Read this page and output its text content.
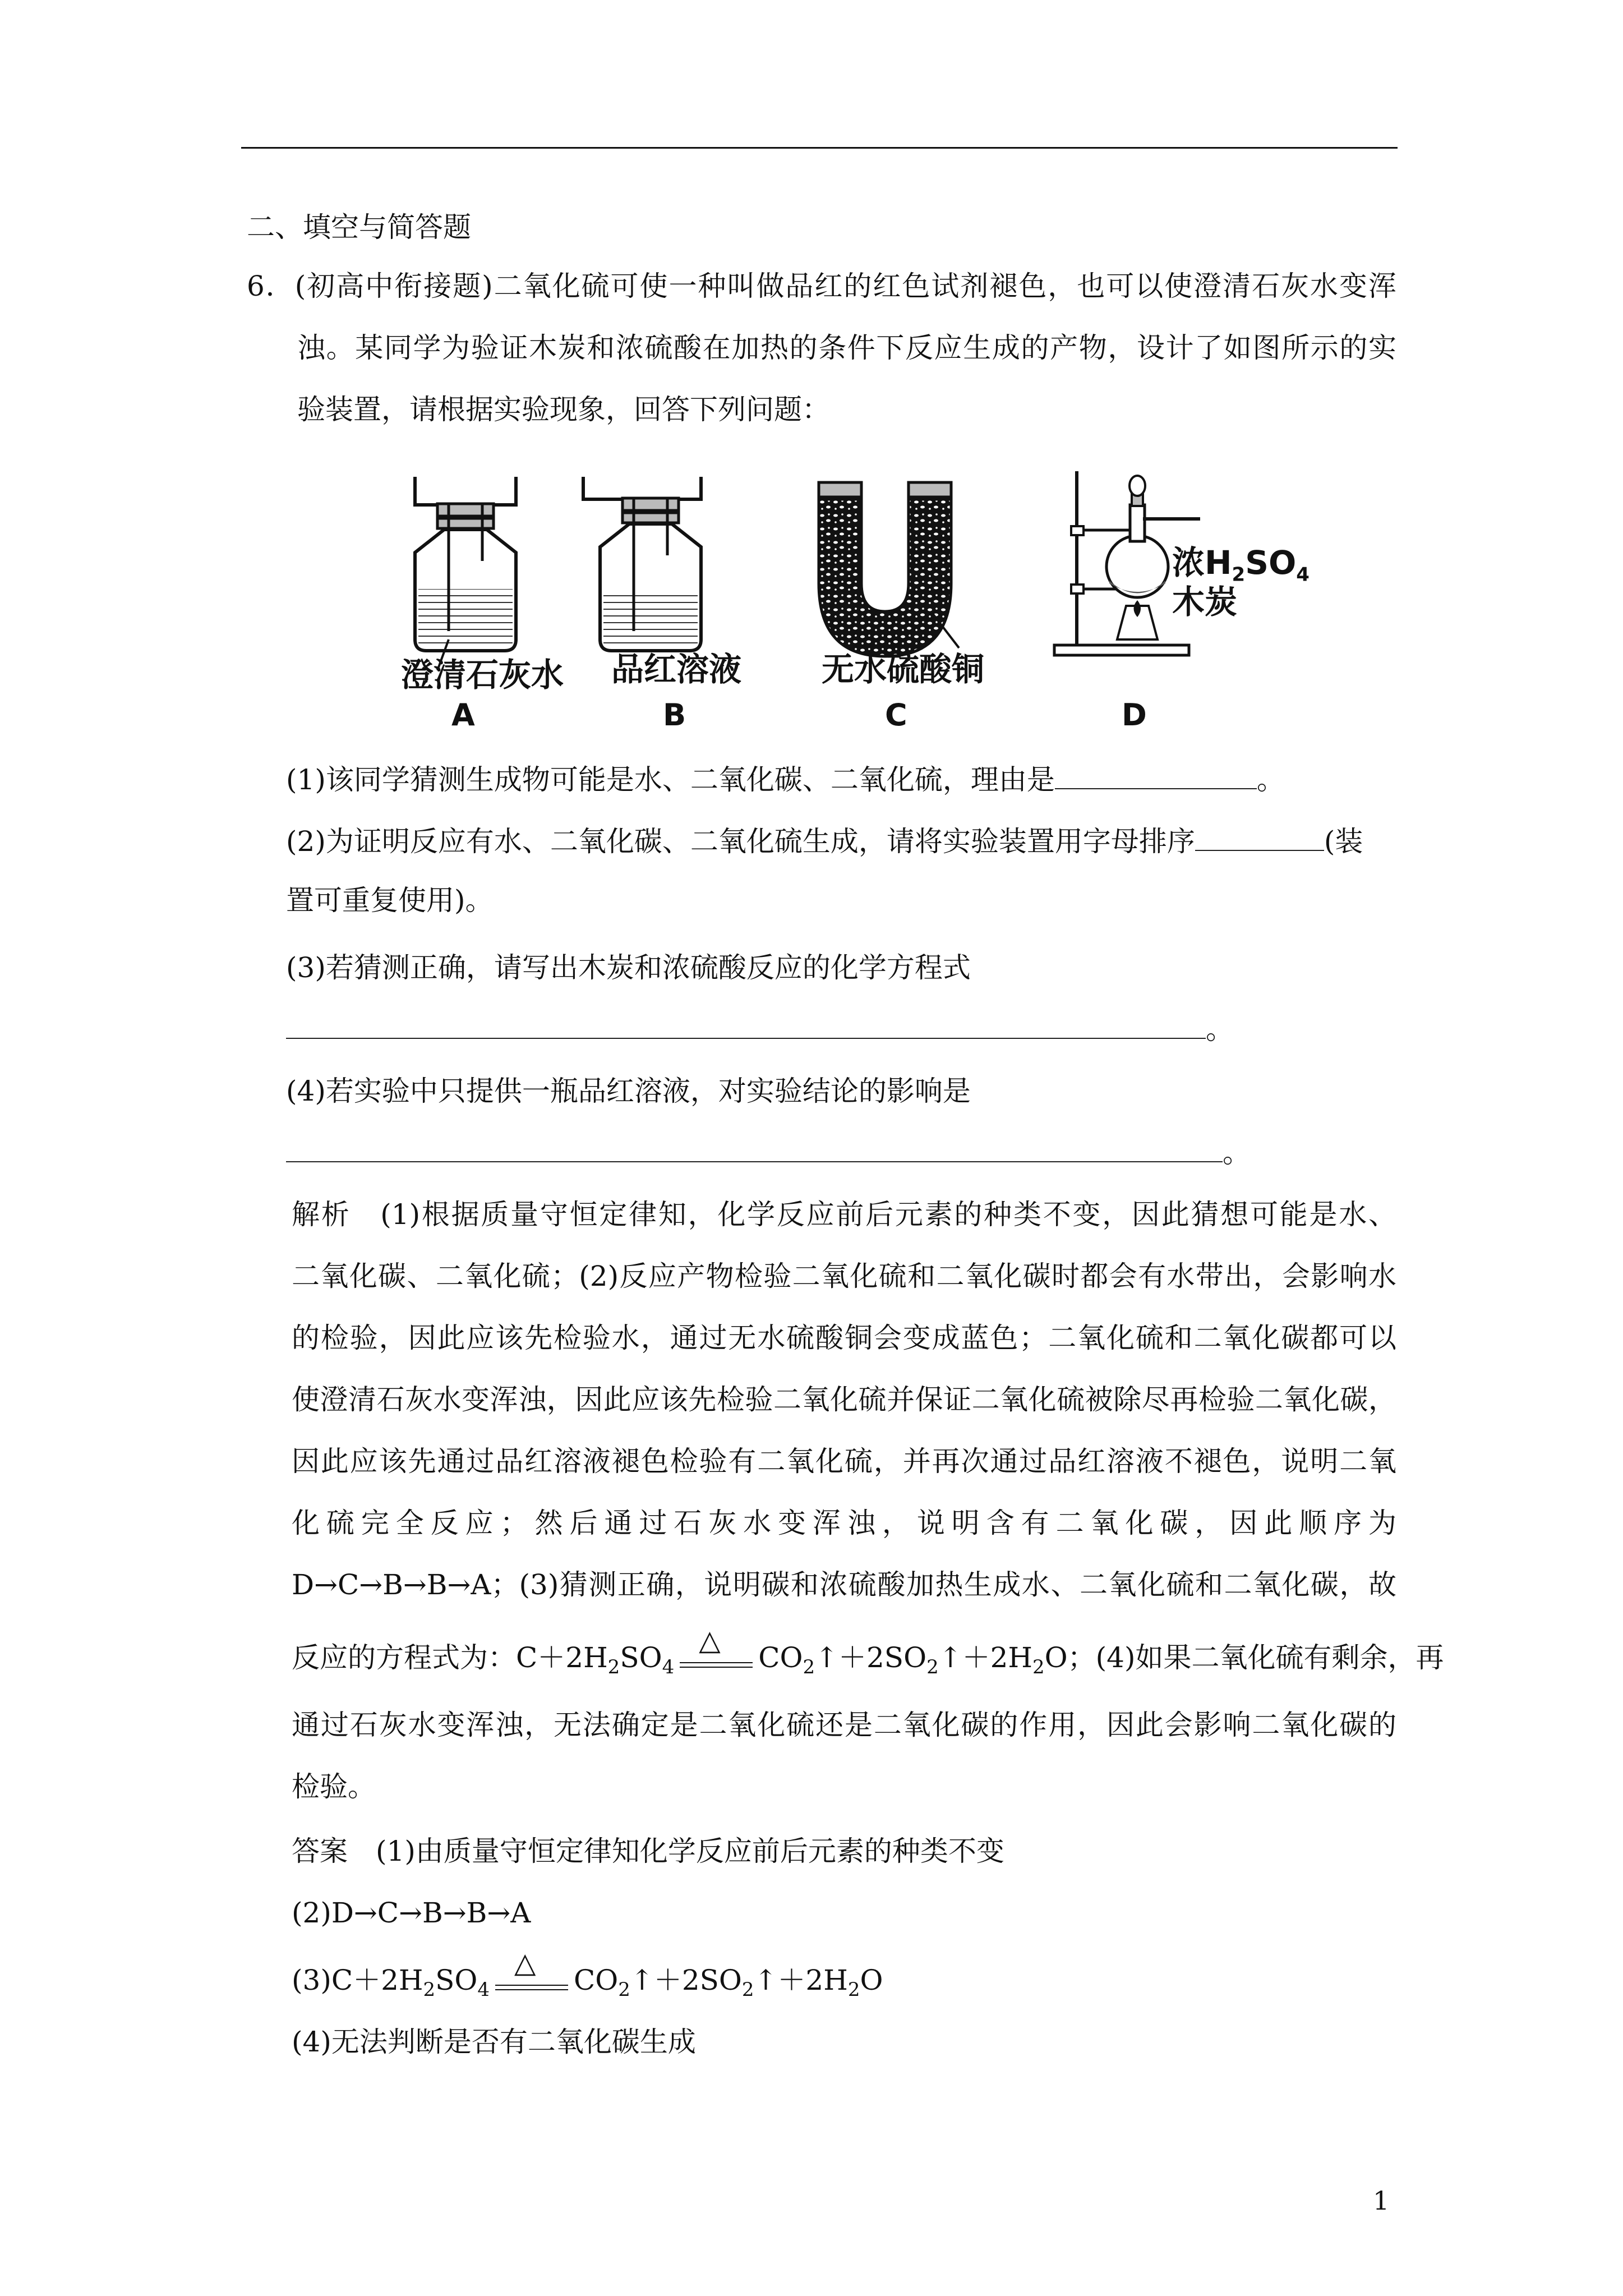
二、填空与简答题
6．(初高中衔接题)二氧化硫可使一种叫做品红的红色试剂褪色，也可以使澄清石灰水变浑
浊。某同学为验证木炭和浓硫酸在加热的条件下反应生成的产物，设计了如图所示的实
验装置，请根据实验现象，回答下列问题：
澄清石灰水 品红溶液 无水硫酸铜
浓$H_2SO_4$
木炭
A	B	C	D
(1)该同学猜测生成物可能是水、二氧化碳、二氧化硫，理由是	。
(2)为证明反应有水、二氧化碳、二氧化硫生成，请将实验装置用字母排序	(装
置可重复使用)。
(3)若猜测正确，请写出木炭和浓硫酸反应的化学方程式
。
(4)若实验中只提供一瓶品红溶液，对实验结论的影响是
。
解析　(1)根据质量守恒定律知，化学反应前后元素的种类不变，因此猜想可能是水、
二氧化碳、二氧化硫；(2)反应产物检验二氧化硫和二氧化碳时都会有水带出，会影响水
的检验，因此应该先检验水，通过无水硫酸铜会变成蓝色；二氧化硫和二氧化碳都可以
使澄清石灰水变浑浊，因此应该先检验二氧化硫并保证二氧化硫被除尽再检验二氧化碳，
因此应该先通过品红溶液褪色检验有二氧化硫，并再次通过品红溶液不褪色，说明二氧
化硫完全反应；然后通过石灰水变浑浊，说明含有二氧化碳，因此顺序为
D→C→B→B→A；(3)猜测正确，说明碳和浓硫酸加热生成水、二氧化硫和二氧化碳，故
反应的方程式为：$C+2H_2SO_4$
△
$CO_2↑+2SO_2↑+2H_2O$；(4)如果二氧化硫有剩余，再
通过石灰水变浑浊，无法确定是二氧化硫还是二氧化碳的作用，因此会影响二氧化碳的
检验。
答案　(1)由质量守恒定律知化学反应前后元素的种类不变
(2)D→C→B→B→A
$(3)C+2H_2SO_4$
△
$CO_2↑+2SO_2↑+2H_2O$
(4)无法判断是否有二氧化碳生成
1
